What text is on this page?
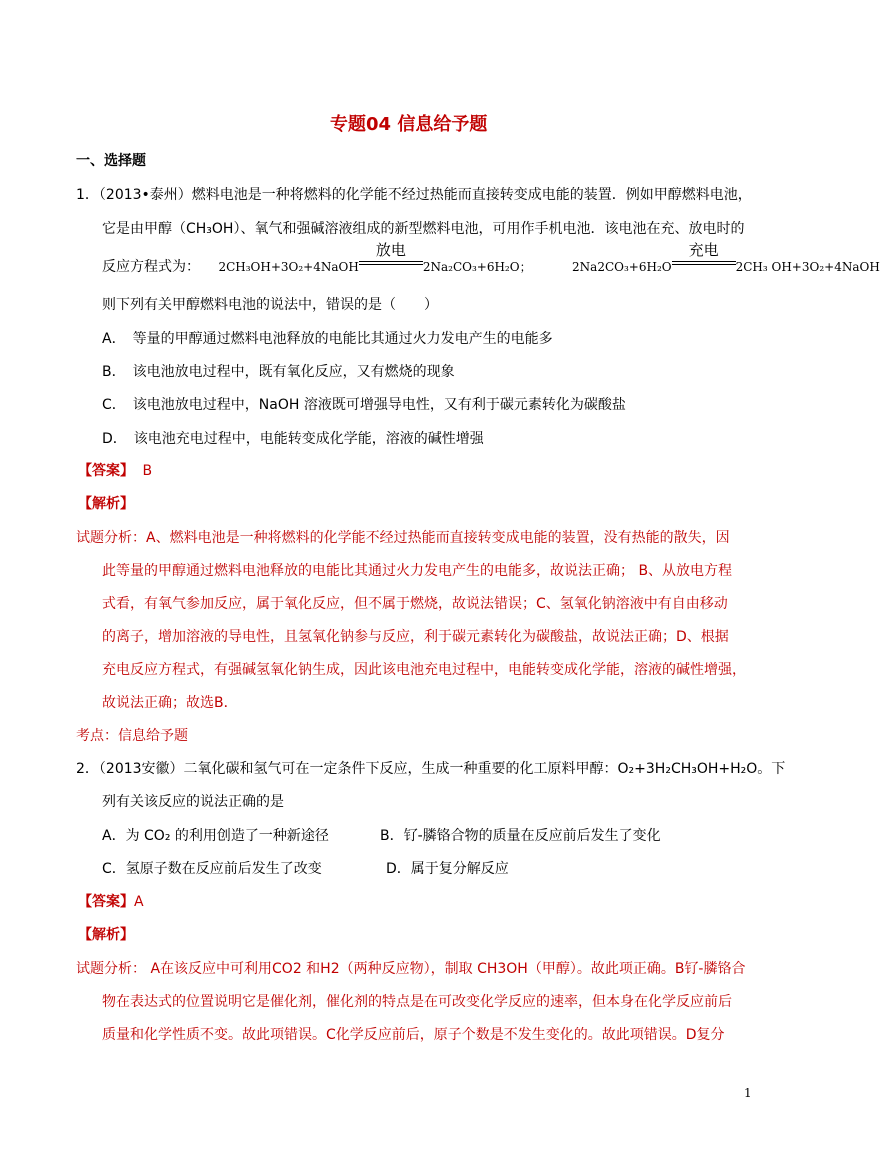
专题04 信息给予题
一、选择题
1．（2013•泰州）燃料电池是一种将燃料的化学能不经过热能而直接转变成电能的装置．例如甲醇燃料电池，
它是由甲醇（CH₃OH）、氧气和强碱溶液组成的新型燃料电池，可用作手机电池．该电池在充、放电时的
反应方程式为： 2CH₃OH+3O₂+4NaOH
放电
2Na₂CO₃+6H₂O；	2Na2CO₃+6H₂O
充电
2CH₃ OH+3O₂+4NaOH
则下列有关甲醇燃料电池的说法中，错误的是（　　）
A．　等量的甲醇通过燃料电池释放的电能比其通过火力发电产生的电能多
B．　该电池放电过程中，既有氧化反应，又有燃烧的现象
C．　该电池放电过程中，NaOH 溶液既可增强导电性，又有利于碳元素转化为碳酸盐
D．　该电池充电过程中，电能转变成化学能，溶液的碱性增强
【答案】 B
【解析】
试题分析：A、燃料电池是一种将燃料的化学能不经过热能而直接转变成电能的装置，没有热能的散失，因
此等量的甲醇通过燃料电池释放的电能比其通过火力发电产生的电能多，故说法正确； B、从放电方程
式看，有氧气参加反应，属于氧化反应，但不属于燃烧，故说法错误；C、氢氧化钠溶液中有自由移动
的离子，增加溶液的导电性，且氢氧化钠参与反应，利于碳元素转化为碳酸盐，故说法正确；D、根据
充电反应方程式，有强碱氢氧化钠生成，因此该电池充电过程中，电能转变成化学能，溶液的碱性增强，
故说法正确；故选B．
考点：信息给予题
2．（2013安徽）二氧化碳和氢气可在一定条件下反应，生成一种重要的化工原料甲醇：O₂+3H₂CH₃OH+H₂O。下
列有关该反应的说法正确的是
A．为 CO₂ 的利用创造了一种新途径	B．钌-膦铬合物的质量在反应前后发生了变化
C．氢原子数在反应前后发生了改变	D．属于复分解反应
【答案】A
【解析】
试题分析： A在该反应中可利用CO2 和H2（两种反应物），制取 CH3OH（甲醇）。故此项正确。B钌-膦铬合
物在表达式的位置说明它是催化剂，催化剂的特点是在可改变化学反应的速率，但本身在化学反应前后
质量和化学性质不变。故此项错误。C化学反应前后，原子个数是不发生变化的。故此项错误。D复分
1
